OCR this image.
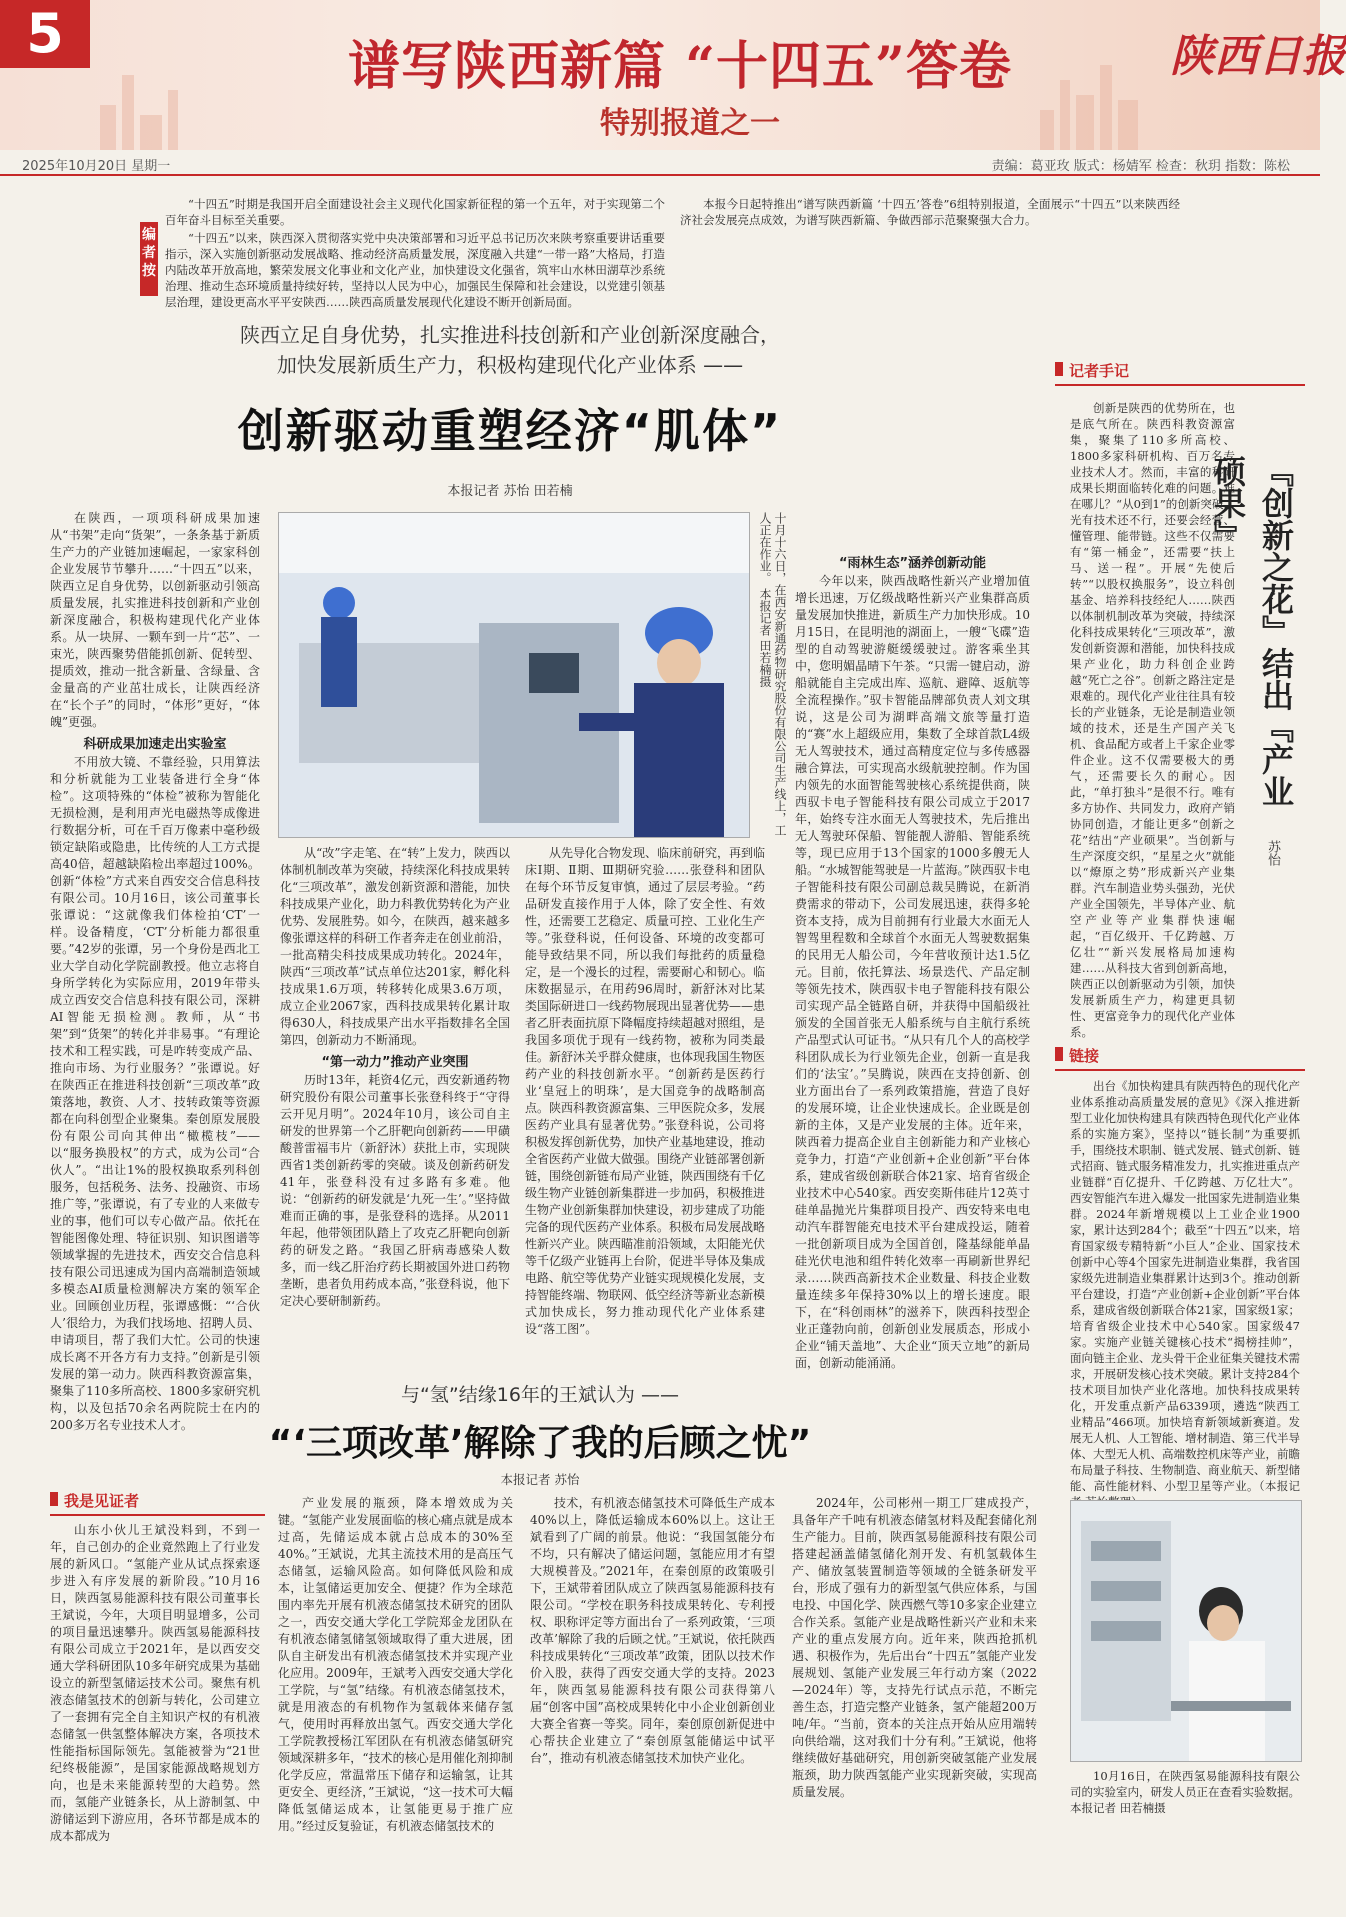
5
谱写陕西新篇 “十四五”答卷
特别报道之一
陕西日报
2025年10月20日 星期一	责编：葛亚玫 版式：杨婧军 检查：秋玥 指数：陈松
编者按

“十四五”时期是我国开启全面建设社会主义现代化国家新征程的第一个五年，对于实现第二个百年奋斗目标至关重要。

“十四五”以来，陕西深入贯彻落实党中央决策部署和习近平总书记历次来陕考察重要讲话重要指示，深入实施创新驱动发展战略、推动经济高质量发展，深度融入共建“一带一路”大格局，打造内陆改革开放高地，繁荣发展文化事业和文化产业，加快建设文化强省，筑牢山水林田湖草沙系统治理、推动生态环境质量持续好转，坚持以人民为中心，加强民生保障和社会建设，以党建引领基层治理，建设更高水平平安陕西……陕西高质量发展现代化建设不断开创新局面。

本报今日起特推出“谱写陕西新篇 ‘十四五’答卷”6组特别报道，全面展示“十四五”以来陕西经济社会发展亮点成效，为谱写陕西新篇、争做西部示范聚聚强大合力。

陕西立足自身优势，扎实推进科技创新和产业创新深度融合，
加快发展新质生产力，积极构建现代化产业体系 ——
创新驱动重塑经济“肌体”
本报记者 苏怡 田若楠

在陕西，一项项科研成果加速从“书架”走向“货架”，一条条基于新质生产力的产业链加速崛起，一家家科创企业发展节节攀升……“十四五”以来，陕西立足自身优势，以创新驱动引领高质量发展，扎实推进科技创新和产业创新深度融合，积极构建现代化产业体系。从一块屏、一颗车到一片“芯”、一束光，陕西聚势借能抓创新、促转型、提质效，推动一批含新量、含绿量、含金量高的产业茁壮成长，让陕西经济在“长个子”的同时，“体形”更好，“体魄”更强。

科研成果加速走出实验室

不用放大镜、不靠经验，只用算法和分析就能为工业装备进行全身“体检”。这项特殊的“体检”被称为智能化无损检测，是利用声光电磁热等成像进行数据分析，可在千百万像素中毫秒级锁定缺陷或隐患，比传统的人工方式提高40倍，超越缺陷检出率超过100%。创新“体检”方式来自西安交合信息科技有限公司。10月16日，该公司董事长张谭说：“这就像我们体检拍‘CT’一样。设备精度，‘CT’分析能力都很重要。”42岁的张谭，另一个身份是西北工业大学自动化学院副教授。他立志将自身所学转化为实际应用，2019年带头成立西安交合信息科技有限公司，深耕AI智能无损检测。教师，从“书架”到“货架”的转化并非易事。“有理论技术和工程实践，可是咋转变成产品、推向市场、为行业服务？”张谭说。好在陕西正在推进科技创新“三项改革”政策落地，教资、人才、技转政策等资源都在向科创型企业聚集。秦创原发展股份有限公司向其伸出“橄榄枝”——以“服务换股权”的方式，成为公司“合伙人”。“出让1%的股权换取系列科创服务，包括税务、法务、投融资、市场推广等，”张谭说，有了专业的人来做专业的事，他们可以专心做产品。依托在智能图像处理、特征识别、知识图谱等领域掌握的先进技术，西安交合信息科技有限公司迅速成为国内高端制造领域多模态AI质量检测解决方案的领军企业。回顾创业历程，张谭感慨：“‘合伙人’很给力，为我们找场地、招聘人员、申请项目，帮了我们大忙。公司的快速成长离不开各方有力支持。”创新是引领发展的第一动力。陕西科教资源富集，聚集了110多所高校、1800多家研究机构，以及包括70余名两院院士在内的200多万名专业技术人才。

十月十六日，在西安新通药物研究股份有限公司生产线上，工人正在作业。 本报记者 田若楠摄

从“改”字走笔、在“转”上发力，陕西以体制机制改革为突破，持续深化科技成果转化“三项改革”，激发创新资源和潜能，加快科技成果产业化，助力科教优势转化为产业优势、发展胜势。如今，在陕西，越来越多像张谭这样的科研工作者奔走在创业前沿，一批高精尖科技成果成功转化。2024年，陕西“三项改革”试点单位达201家，孵化科技成果1.6万项，转移转化成果3.6万项，成立企业2067家，西科技成果转化累计取得630人，科技成果产出水平指数排名全国第四，创新动力不断涌现。

“第一动力”推动产业突围

历时13年，耗资4亿元，西安新通药物研究股份有限公司董事长张登科终于“守得云开见月明”。2024年10月，该公司自主研发的世界第一个乙肝靶向创新药——甲磺酸普雷福韦片（新舒沐）获批上市，实现陕西省1类创新药零的突破。谈及创新药研发41年，张登科没有过多路有多难。他说：“创新药的研发就是‘九死一生’。”坚持做难而正确的事，是张登科的选择。从2011年起，他带领团队踏上了攻克乙肝靶向创新药的研发之路。“我国乙肝病毒感染人数多，而一线乙肝治疗药长期被国外进口药物垄断，患者负用药成本高，”张登科说，他下定决心要研制新药。

从先导化合物发现、临床前研究，再到临床Ⅰ期、Ⅱ期、Ⅲ期研究验……张登科和团队在每个环节反复审慎，通过了层层考验。“药品研发直接作用于人体，除了安全性、有效性，还需要工艺稳定、质量可控、工业化生产等。”张登科说，任何设备、环境的改变都可能导致结果不同，所以我们每批药的质量稳定，是一个漫长的过程，需要耐心和韧心。临床数据显示，在用药96周时，新舒沐对比某类国际研进口一线药物展现出显著优势——患者乙肝表面抗原下降幅度持续超越对照组，是我国多项优于现有一线药物，被称为同类最佳。新舒沐关乎群众健康，也体现我国生物医药产业的科技创新水平。“创新药是医药行业‘皇冠上的明珠’，是大国竞争的战略制高点。陕西科教资源富集、三甲医院众多，发展医药产业具有显著优势。”张登科说，公司将积极发挥创新优势，加快产业基地建设，推动全省医药产业做大做强。围绕产业链部署创新链，围绕创新链布局产业链，陕西围绕有千亿级生物产业链创新集群进一步加码，积极推进生物产业创新集群加快建设，初步建成了功能完备的现代医药产业体系。积极布局发展战略性新兴产业。陕西瞄准前沿领域，太阳能光伏等千亿级产业链再上台阶，促进半导体及集成电路、航空等优势产业链实现规模化发展，支持智能终端、物联网、低空经济等新业态新模式加快成长，努力推动现代化产业体系建设“落工图”。

“雨林生态”涵养创新动能

今年以来，陕西战略性新兴产业增加值增长迅速，万亿级战略性新兴产业集群高质量发展加快推进，新质生产力加快形成。10月15日，在昆明池的湖面上，一艘“飞碟”造型的自动驾驶游艇缓缓驶过。游客乘坐其中，您明媚晶晴下午茶。“只需一键启动，游船就能自主完成出库、巡航、避障、返航等全流程操作。”驭卡智能品牌部负责人刘文琪说，这是公司为湖畔高端文旅等量打造的“赛”水上超级应用，集数了全球首款L4级无人驾驶技术，通过高精度定位与多传感器融合算法，可实现高水级航驶控制。作为国内领先的水面智能驾驶核心系统提供商，陕西驭卡电子智能科技有限公司成立于2017年，始终专注水面无人驾驶技术，先后推出无人驾驶环保船、智能靓人游船、智能系统等，现已应用于13个国家的1000多艘无人船。“水城智能驾驶是一片蓝海。”陕西驭卡电子智能科技有限公司副总裁吴腾说，在新消费需求的带动下，公司发展迅速，获得多轮资本支持，成为目前拥有行业最大水面无人智驾里程数和全球首个水面无人驾驶数据集的民用无人船公司，今年营收预计达1.5亿元。目前，依托算法、场景迭代、产品定制等领先技术，陕西驭卡电子智能科技有限公司实现产品全链路自研，并获得中国船级社颁发的全国首张无人船系统与自主航行系统产品型式认可证书。“从只有几个人的高校学科团队成长为行业领先企业，创新一直是我们的‘法宝’。”吴腾说，陕西在支持创新、创业方面出台了一系列政策措施，营造了良好的发展环境，让企业快速成长。企业既是创新的主体，又是产业发展的主体。近年来，陕西着力提高企业自主创新能力和产业核心竞争力，打造“产业创新+企业创新”平台体系，建成省级创新联合体21家、培育省级企业技术中心540家。西安奕斯伟硅片12英寸硅单晶抛光片集群项目投产、西安特来电电动汽车群智能充电技术平台建成投运，随着一批创新项目成为全国首创，隆基绿能单晶硅光伏电池和组件转化效率一再刷新世界纪录……陕西高新技术企业数量、科技企业数量连续多年保持30%以上的增长速度。眼下，在“科创雨林”的滋养下，陕西科技型企业正蓬勃向前，创新创业发展质态，形成小企业“铺天盖地”、大企业“顶天立地”的新局面，创新动能涌涌。

记者手记

创新是陕西的优势所在，也是底气所在。陕西科教资源富集，聚集了110多所高校、1800多家科研机构、百万名专业技术人才。然而，丰富的科研成果长期面临转化难的问题。难在哪儿？“从0到1”的创新突破，光有技术还不行，还要会经营、懂管理、能带链。这些不仅需要有“第一桶金”，还需要“扶上马、送一程”。开展“先使后转”“以股权换服务”，设立科创基金、培养科技经纪人……陕西以体制机制改革为突破，持续深化科技成果转化“三项改革”，激发创新资源和潜能，加快科技成果产业化，助力科创企业跨越“死亡之谷”。创新之路注定是艰难的。现代化产业往往具有较长的产业链条，无论是制造业领域的技术，还是生产国产关飞机、食品配方或者上千家企业零件企业。这不仅需要极大的勇气，还需要长久的耐心。因此，“单打独斗”是很不行。唯有多方协作、共同发力，政府产销协同创造，才能让更多“创新之花”结出“产业硕果”。当创新与生产深度交织，“星星之火”就能以“燎原之势”形成新兴产业集群。汽车制造业势头强劲，光伏产业全国领先，半导体产业、航空产业等产业集群快速崛起，“百亿级开、千亿跨越、万亿壮”“新兴发展格局加速构建……从科技大省到创新高地，陕西正以创新驱动为引领，加快发展新质生产力，构建更具韧性、更富竞争力的现代化产业体系。

『创新之花』结出『产业硕果』
苏怡
链接

出台《加快构建具有陕西特色的现代化产业体系推动高质量发展的意见》《深入推进新型工业化加快构建具有陕西特色现代化产业体系的实施方案》，坚持以“链长制”为重要抓手，围绕技术职制、链式发展、链式创新、链式招商、链式服务精准发力，扎实推进重点产业链群“百亿提升、千亿跨越、万亿壮大”。西安智能汽车进入爆发一批国家先进制造业集群。2024年新增规模以上工业企业1900家，累计达到284个；截至“十四五”以来，培育国家级专精特新“小巨人”企业、国家技术创新中心等4个国家先进制造业集群，我省国家级先进制造业集群累计达到3个。推动创新平台建设，打造“产业创新+企业创新”平台体系，建成省级创新联合体21家，国家级1家；培育省级企业技术中心540家。国家级47家。实施产业链关键核心技术“揭榜挂帅”，面向链主企业、龙头骨干企业征集关键技术需求，开展研发核心技术突破。累计支持284个技术项目加快产业化落地。加快科技成果转化，开发重点新产品6339项，遴选“陕西工业精品”466项。加快培育新领域新赛道。发展无人机、人工智能、增材制造、第三代半导体、大型无人机、高端数控机床等产业，前瞻布局量子科技、生物制造、商业航天、新型储能、高性能材料、小型卫星等产业。（本报记

10月16日，在陕西氢易能源科技有限公司的实验室内，研发人员正在查看实验数据。 本报记者 田若楠摄

与“氢”结缘16年的王斌认为 ——
“‘三项改革’解除了我的后顾之忧”
本报记者 苏怡
我是见证者

山东小伙儿王斌没料到，不到一年，自己创办的企业竟然跑上了行业发展的新风口。“氢能产业从试点探索逐步进入有序发展的新阶段。”10月16日，陕西氢易能源科技有限公司董事长王斌说，今年，大项目明显增多，公司的项目量迅速攀升。陕西氢易能源科技有限公司成立于2021年，是以西安交通大学科研团队10多年研究成果为基础设立的新型氢储运技术公司。聚焦有机液态储氢技术的创新与转化，公司建立了一套拥有完全自主知识产权的有机液态储氢一供氢整体解决方案，各项技术性能指标国际领先。氢能被誉为“21世纪终极能源”，是国家能源战略规划方向，也是未来能源转型的大趋势。然而，氢能产业链条长，从上游制氢、中游储运到下游应用，各环节都是成本的成本都成为

产业发展的瓶颈，降本增效成为关键。“氢能产业发展面临的核心痛点就是成本过高，先储运成本就占总成本的30%至40%。”王斌说，尤其主流技术用的是高压气态储氢，运输风险高。如何降低风险和成本，让氢储运更加安全、便捷？作为全球范围内率先开展有机液态储氢技术研究的团队之一，西安交通大学化工学院郑金龙团队在有机液态储氢储氢领域取得了重大进展，团队自主研发出有机液态储氢技术并实现产业化应用。2009年，王斌考入西安交通大学化工学院，与“氢”结缘。有机液态储氢技术，就是用液态的有机物作为氢载体来储存氢气，使用时再释放出氢气。西安交通大学化工学院教授杨江军团队在有机液态储氢研究领域深耕多年，“技术的核心是用催化剂抑制化学反应，常温常压下储存和运输氢，让其更安全、更经济，”王斌说，“这一技术可大幅降低氢储运成本，让氢能更易于推广应用。”经过反复验证，有机液态储氢技术的

技术，有机液态储氢技术可降低生产成本40%以上，降低运输成本60%以上。这让王斌看到了广阔的前景。他说：“我国氢能分布不均，只有解决了储运问题，氢能应用才有望大规模普及。”2021年，在秦创原的政策吸引下，王斌带着团队成立了陕西氢易能源科技有限公司。“学校在职务科技成果转化、专利授权、职称评定等方面出台了一系列政策，‘三项改革’解除了我的后顾之忧。”王斌说，依托陕西科技成果转化“三项改革”政策，团队以技术作价入股，获得了西安交通大学的支持。2023年，陕西氢易能源科技有限公司获得第八届“创客中国”高校成果转化中小企业创新创业大赛全省赛一等奖。同年，秦创原创新促进中心帮扶企业建立了“秦创原氢能储运中试平台”，推动有机液态储氢技术加快产业化。

2024年，公司彬州一期工厂建成投产，具备年产千吨有机液态储氢材料及配套储化剂生产能力。目前，陕西氢易能源科技有限公司搭建起涵盖储氢储化剂开发、有机氢载体生产、储放氢装置制造等领域的全链条研发平台，形成了强有力的新型氢气供应体系，与国电投、中国化学、陕西燃气等10多家企业建立合作关系。氢能产业是战略性新兴产业和未来产业的重点发展方向。近年来，陕西抢抓机遇、积极作为，先后出台“十四五”氢能产业发展规划、氢能产业发展三年行动方案（2022—2024年）等，支持先行试点示范，不断完善生态，打造完整产业链条，氢产能超200万吨/年。“当前，资本的关注点开始从应用端转向供给端，这对我们十分有利。”王斌说，他将继续做好基础研究，用创新突破氢能产业发展瓶颈，助力陕西氢能产业实现新突破，实现高质量发展。
